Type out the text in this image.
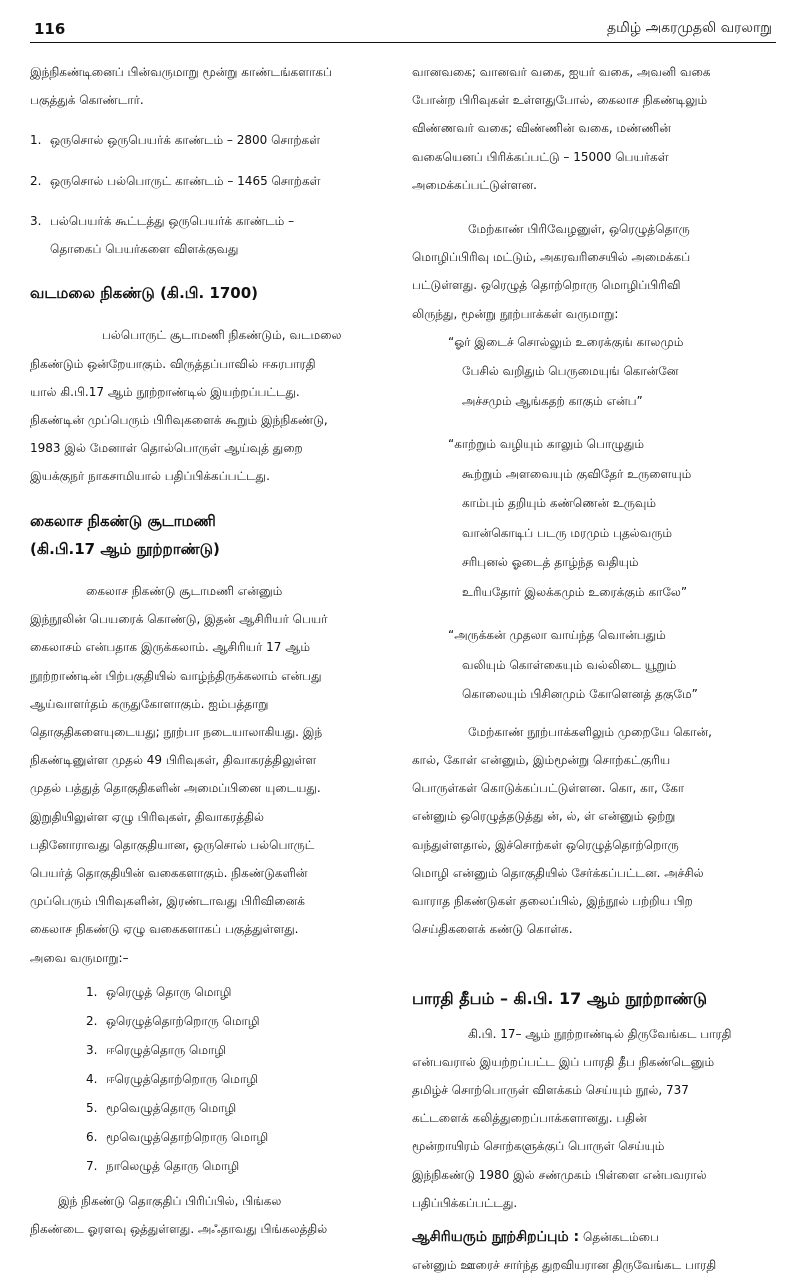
116	தமிழ் அகரமுதலி வரலாறு

இந்நிகண்டினைப் பின்வருமாறு மூன்று காண்டங்களாகப்

பகுத்துக் கொண்டார்.

1. ஒருசொல் ஒருபெயர்க் காண்டம் – 2800 சொற்கள்
2. ஒருசொல் பல்பொருட் காண்டம் – 1465 சொற்கள்
3. பல்பெயர்க் கூட்டத்து ஒருபெயர்க் காண்டம் –

தொகைப் பெயர்களை விளக்குவது

வடமலை நிகண்டு (கி.பி. 1700)

பல்பொருட் சூடாமணி நிகண்டும், வடமலை

நிகண்டும் ஒன்றேயாகும். விருத்தப்பாவில் ஈசுரபாரதி

யால் கி.பி.17 ஆம் நூற்றாண்டில் இயற்றப்பட்டது.

நிகண்டின் முப்பெரும் பிரிவுகளைக் கூறும் இந்நிகண்டு,

1983 இல் மேனாள் தொல்பொருள் ஆய்வுத் துறை

இயக்குநர் நாகசாமியால் பதிப்பிக்கப்பட்டது.

கைலாச நிகண்டு சூடாமணி

(கி.பி.17 ஆம் நூற்றாண்டு)

கைலாச நிகண்டு சூடாமணி என்னும்

இந்நூலின் பெயரைக் கொண்டு, இதன் ஆசிரியர் பெயர்

கைலாசம் என்பதாக இருக்கலாம். ஆசிரியர் 17 ஆம்

நூற்றாண்டின் பிற்பகுதியில் வாழ்ந்திருக்கலாம் என்பது

ஆய்வாளர்தம் கருதுகோளாகும். ஐம்பத்தாறு

தொகுதிகளையுடையது; நூற்பா நடையாலாகியது. இந்

நிகண்டினுள்ள முதல் 49 பிரிவுகள், திவாகரத்திலுள்ள

முதல் பத்துத் தொகுதிகளின் அமைப்பினை யுடையது.

இறுதியிலுள்ள ஏழு பிரிவுகள், திவாகரத்தில்

பதினோராவது தொகுதியான, ஒருசொல் பல்பொருட்

பெயர்த் தொகுதியின் வகைகளாகும். நிகண்டுகளின்

முப்பெரும் பிரிவுகளின், இரண்டாவது பிரிவினைக்

கைலாச நிகண்டு ஏழு வகைகளாகப் பகுத்துள்ளது.

அவை வருமாறு:–

1. ஒரெழுத் தொரு மொழி
2. ஒரெழுத்தொற்றொரு மொழி
3. ஈரெழுத்தொரு மொழி
4. ஈரெழுத்தொற்றொரு மொழி
5. மூவெழுத்தொரு மொழி
6. மூவெழுத்தொற்றொரு மொழி
7. நாலெழுத் தொரு மொழி

இந் நிகண்டு தொகுதிப் பிரிப்பில், பிங்கல

நிகண்டை ஓரளவு ஒத்துள்ளது. அஃதாவது பிங்கலத்தில்

வானவகை; வானவர் வகை, ஐயர் வகை, அவனி வகை

போன்ற பிரிவுகள் உள்ளதுபோல், கைலாச நிகண்டிலும்

விண்ணவர் வகை; விண்ணின் வகை, மண்ணின்

வகையெனப் பிரிக்கப்பட்டு – 15000 பெயர்கள்

அமைக்கப்பட்டுள்ளன.

மேற்காண் பிரிவேழனுள், ஒரெழுத்தொரு

மொழிப்பிரிவு மட்டும், அகரவரிசையில் அமைக்கப்

பட்டுள்ளது. ஒரெழுத் தொற்றொரு மொழிப்பிரிவி

லிருந்து, மூன்று நூற்பாக்கள் வருமாறு:

“ஓர் இடைச் சொல்லும் உரைக்குங் காலமும்
பேசில் வறிதும் பெருமையுங் கொன்னே
அச்சமும் ஆங்கதற் காகும் என்ப”
“காற்றும் வழியும் காலும் பொழுதும்
கூற்றும் அளவையும் குவிதேர் உருளையும்
காம்பும் தறியும் கண்ணென் உருவும்
வான்கொடிப் படரு மரமும் புதல்வரும்
சரிபுனல் ஓடைத் தாழ்ந்த வதியும்
உரியதோர் இலக்கமும் உரைக்கும் காலே”
“அருக்கன் முதலா வாய்ந்த வொன்பதும்
வலியும் கொள்கையும் வல்லிடை யூறும்
கொலையும் பிசினமும் கோளெனத் தகுமே”

மேற்காண் நூற்பாக்களிலும் முறையே கொன்,

கால், கோள் என்னும், இம்மூன்று சொற்கட்குரிய

பொருள்கள் கொடுக்கப்பட்டுள்ளன. கொ, கா, கோ

என்னும் ஒரெழுத்தடுத்து ன், ல், ள் என்னும் ஒற்று

வந்துள்ளதால், இச்சொற்கள் ஒரெழுத்தொற்றொரு

மொழி என்னும் தொகுதியில் சேர்க்கப்பட்டன. அச்சில்

வாராத நிகண்டுகள் தலைப்பில், இந்நூல் பற்றிய பிற

செய்திகளைக் கண்டு கொள்க.

பாரதி தீபம் – கி.பி. 17 ஆம் நூற்றாண்டு

கி.பி. 17– ஆம் நூற்றாண்டில் திருவேங்கட பாரதி

என்பவரால் இயற்றப்பட்ட இப் பாரதி தீப நிகண்டெனும்

தமிழ்ச் சொற்பொருள் விளக்கம் செய்யும் நூல், 737

கட்டளைக் கலித்துறைப்பாக்களானது. பதின்

மூன்றாயிரம் சொற்களுக்குப் பொருள் செய்யும்

இந்நிகண்டு 1980 இல் சண்முகம் பிள்ளை என்பவரால்

பதிப்பிக்கப்பட்டது.

ஆசிரியரும் நூற்சிறப்பும் : தென்கடம்பை

என்னும் ஊரைச் சார்ந்த துறவியரான திருவேங்கட பாரதி
